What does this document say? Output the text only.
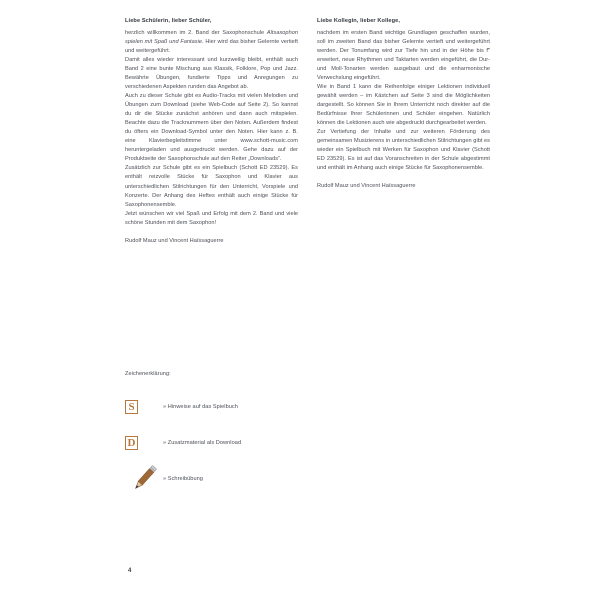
Liebe Schülerin, lieber Schüler,

herzlich willkommen im 2. Band der Saxophonschule Altsaxophon spielen mit Spaß und Fantasie. Hier wird das bisher Gelernte vertieft und weitergeführt.

Damit alles wieder interessant und kurzweilig bleibt, enthält auch Band 2 eine bunte Mischung aus Klassik, Folklore, Pop und Jazz. Bewährte Übungen, fundierte Tipps und Anregungen zu verschiedenen Aspekten runden das Angebot ab.

Auch zu dieser Schule gibt es Audio-Tracks mit vielen Melodien und Übungen zum Download (siehe Web-Code auf Seite 2). So kannst du dir die Stücke zunächst anhören und dann auch mitspielen. Beachte dazu die Tracknummern über den Noten. Außerdem findest du öfters ein Download-Symbol unter den Noten. Hier kann z. B. eine Klavierbegleitstimme unter www.schott-music.com heruntergeladen und ausgedruckt werden. Gehe dazu auf der Produktseite der Saxophonschule auf den Reiter „Downloads“.

Zusätzlich zur Schule gibt es ein Spielbuch (Schott ED 23529). Es enthält reizvolle Stücke für Saxophon und Klavier aus unterschiedlichen Stilrichtungen für den Unterricht, Vorspiele und Konzerte. Der Anhang des Heftes enthält auch einige Stücke für Saxophonensemble.

Jetzt wünschen wir viel Spaß und Erfolg mit dem 2. Band und viele schöne Stunden mit dem Saxophon!

Rudolf Mauz und Vincent Haïssaguerre

Liebe Kollegin, lieber Kollege,

nachdem im ersten Band wichtige Grundlagen geschaffen wurden, soll im zweiten Band das bisher Gelernte vertieft und weitergeführt werden. Der Tonumfang wird zur Tiefe hin und in der Höhe bis f‴ erweitert, neue Rhythmen und Taktarten werden eingeführt, die Dur- und Moll-Tonarten werden ausgebaut und die enharmonische Verwechslung eingeführt.

Wie in Band 1 kann die Reihenfolge einiger Lektionen individuell gewählt werden – im Kästchen auf Seite 3 sind die Möglichkeiten dargestellt. So können Sie in Ihrem Unterricht noch direkter auf die Bedürfnisse Ihrer Schülerinnen und Schüler eingehen. Natürlich können die Lektionen auch wie abgedruckt durchgearbeitet werden.

Zur Vertiefung der Inhalte und zur weiteren Förderung des gemeinsamen Musizierens in unterschiedlichen Stilrichtungen gibt es wieder ein Spielbuch mit Werken für Saxophon und Klavier (Schott ED 23529). Es ist auf das Voranschreiten in der Schule abgestimmt und enthält im Anhang auch einige Stücke für Saxophonensemble.

Rudolf Mauz und Vincent Haïssaguerre

Zeichenerklärung:

S	» Hinweise auf das Spielbuch
D	» Zusatzmaterial als Download
» Schreibübung
4
